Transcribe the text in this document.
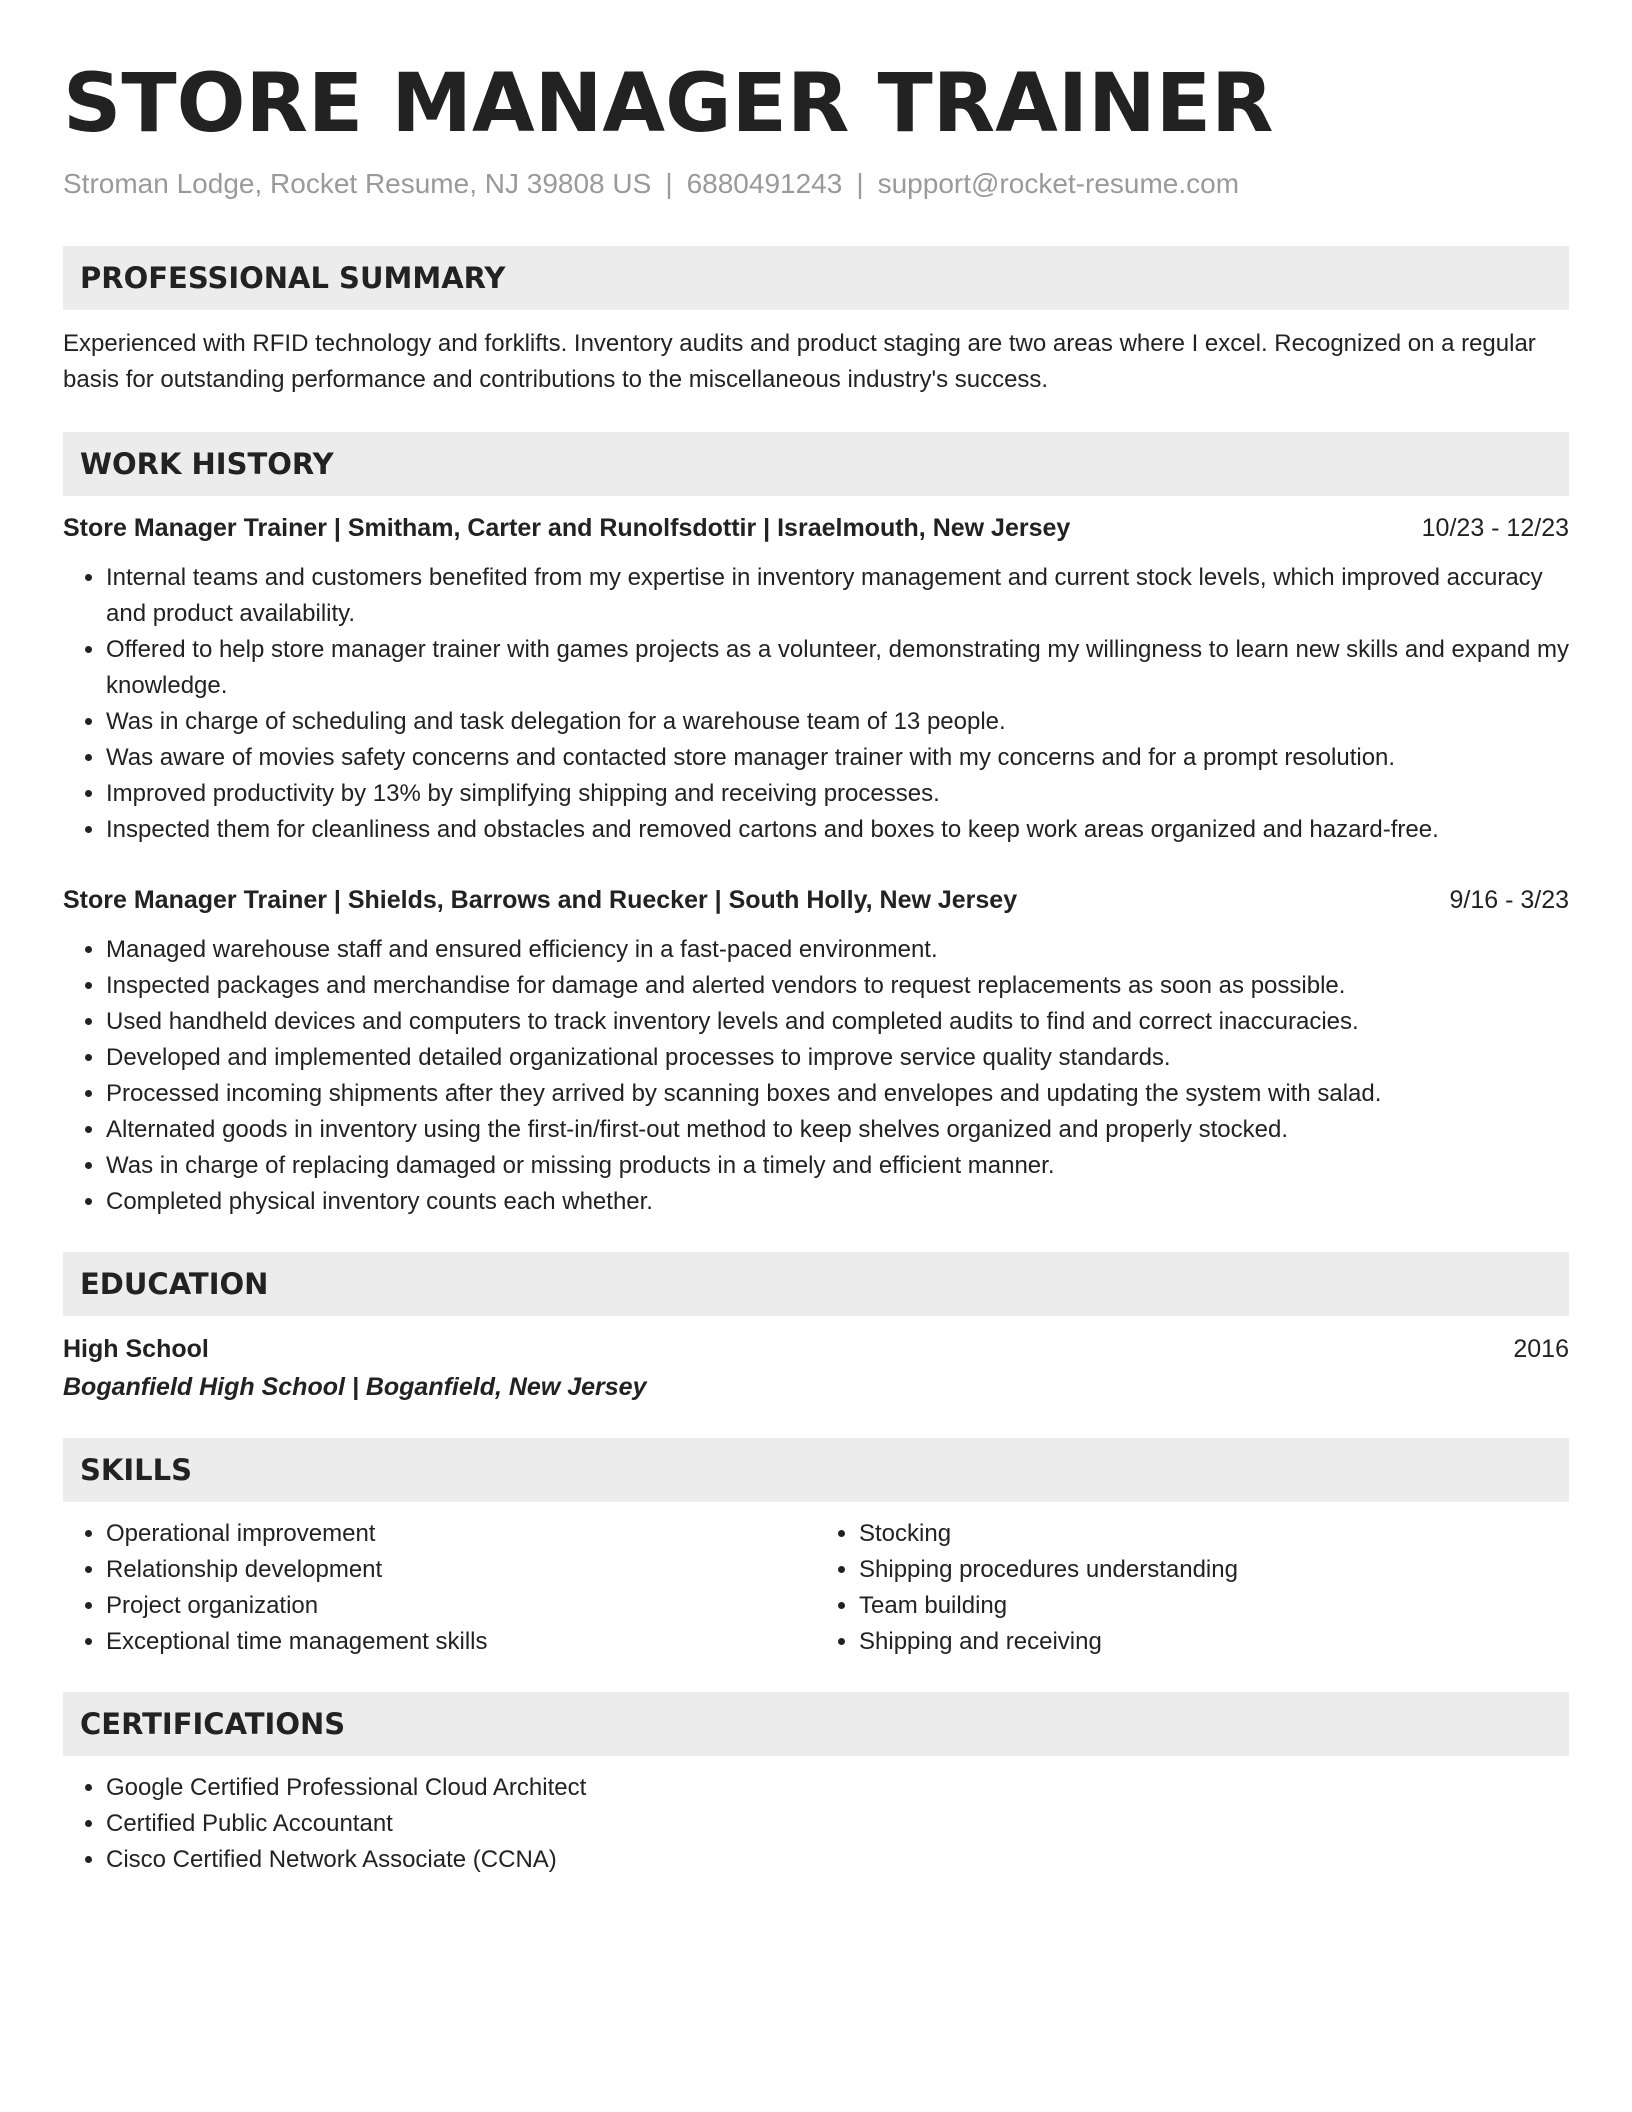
STORE MANAGER TRAINER
Stroman Lodge, Rocket Resume, NJ 39808 US | 6880491243 | support@rocket-resume.com
PROFESSIONAL SUMMARY
Experienced with RFID technology and forklifts. Inventory audits and product staging are two areas where I excel. Recognized on a regular basis for outstanding performance and contributions to the miscellaneous industry's success.
WORK HISTORY
Store Manager Trainer | Smitham, Carter and Runolfsdottir | Israelmouth, New Jersey	10/23 - 12/23
• Internal teams and customers benefited from my expertise in inventory management and current stock levels, which improved accuracy and product availability.
• Offered to help store manager trainer with games projects as a volunteer, demonstrating my willingness to learn new skills and expand my knowledge.
• Was in charge of scheduling and task delegation for a warehouse team of 13 people.
• Was aware of movies safety concerns and contacted store manager trainer with my concerns and for a prompt resolution.
• Improved productivity by 13% by simplifying shipping and receiving processes.
• Inspected them for cleanliness and obstacles and removed cartons and boxes to keep work areas organized and hazard-free.
Store Manager Trainer | Shields, Barrows and Ruecker | South Holly, New Jersey	9/16 - 3/23
• Managed warehouse staff and ensured efficiency in a fast-paced environment.
• Inspected packages and merchandise for damage and alerted vendors to request replacements as soon as possible.
• Used handheld devices and computers to track inventory levels and completed audits to find and correct inaccuracies.
• Developed and implemented detailed organizational processes to improve service quality standards.
• Processed incoming shipments after they arrived by scanning boxes and envelopes and updating the system with salad.
• Alternated goods in inventory using the first-in/first-out method to keep shelves organized and properly stocked.
• Was in charge of replacing damaged or missing products in a timely and efficient manner.
• Completed physical inventory counts each whether.
EDUCATION
High School	2016
Boganfield High School | Boganfield, New Jersey
SKILLS
• Operational improvement
• Relationship development
• Project organization
• Exceptional time management skills
• Stocking
• Shipping procedures understanding
• Team building
• Shipping and receiving
CERTIFICATIONS
• Google Certified Professional Cloud Architect
• Certified Public Accountant
• Cisco Certified Network Associate (CCNA)
